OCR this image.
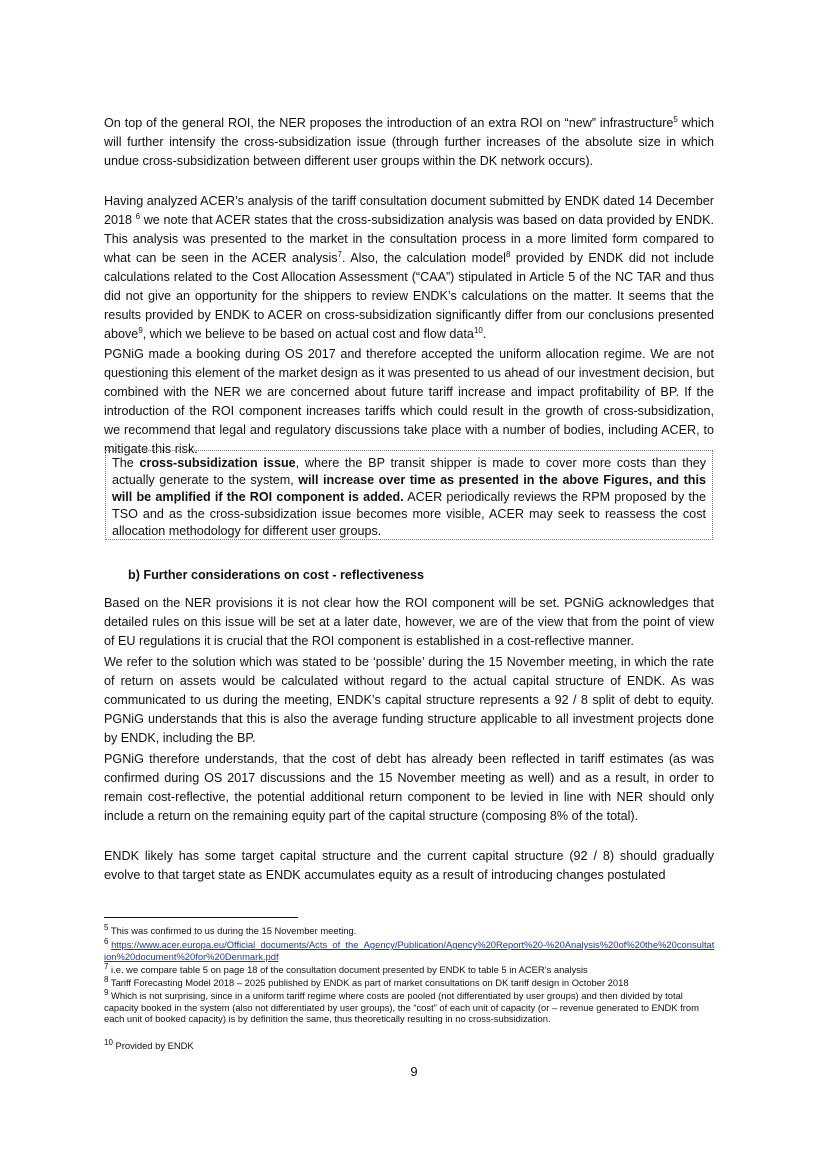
On top of the general ROI, the NER proposes the introduction of an extra ROI on “new” infrastructure$^5$ which will further intensify the cross-subsidization issue (through further increases of the absolute size in which undue cross-subsidization between different user groups within the DK network occurs).

Having analyzed ACER’s analysis of the tariff consultation document submitted by ENDK dated 14 December 2018 $^6$ we note that ACER states that the cross-subsidization analysis was based on data provided by ENDK. This analysis was presented to the market in the consultation process in a more limited form compared to what can be seen in the ACER analysis$^7$. Also, the calculation model$^8$ provided by ENDK did not include calculations related to the Cost Allocation Assessment (“CAA”) stipulated in Article 5 of the NC TAR and thus did not give an opportunity for the shippers to review ENDK’s calculations on the matter. It seems that the results provided by ENDK to ACER on cross-subsidization significantly differ from our conclusions presented above$^9$, which we believe to be based on actual cost and flow data$^{10}$.

PGNiG made a booking during OS 2017 and therefore accepted the uniform allocation regime. We are not questioning this element of the market design as it was presented to us ahead of our investment decision, but combined with the NER we are concerned about future tariff increase and impact profitability of BP. If the introduction of the ROI component increases tariffs which could result in the growth of cross-subsidization, we recommend that legal and regulatory discussions take place with a number of bodies, including ACER, to mitigate this risk.

The cross-subsidization issue, where the BP transit shipper is made to cover more costs than they actually generate to the system, will increase over time as presented in the above Figures, and this will be amplified if the ROI component is added. ACER periodically reviews the RPM proposed by the TSO and as the cross-subsidization issue becomes more visible, ACER may seek to reassess the cost allocation methodology for different user groups.

b) Further considerations on cost - reflectiveness

Based on the NER provisions it is not clear how the ROI component will be set. PGNiG acknowledges that detailed rules on this issue will be set at a later date, however, we are of the view that from the point of view of EU regulations it is crucial that the ROI component is established in a cost-reflective manner.

We refer to the solution which was stated to be ‘possible’ during the 15 November meeting, in which the rate of return on assets would be calculated without regard to the actual capital structure of ENDK. As was communicated to us during the meeting, ENDK’s capital structure represents a 92 / 8 split of debt to equity. PGNiG understands that this is also the average funding structure applicable to all investment projects done by ENDK, including the BP.

PGNiG therefore understands, that the cost of debt has already been reflected in tariff estimates (as was confirmed during OS 2017 discussions and the 15 November meeting as well) and as a result, in order to remain cost-reflective, the potential additional return component to be levied in line with NER should only include a return on the remaining equity part of the capital structure (composing 8% of the total).

ENDK likely has some target capital structure and the current capital structure (92 / 8) should gradually evolve to that target state as ENDK accumulates equity as a result of introducing changes postulated

$^5$ This was confirmed to us during the 15 November meeting.
$^6$ https://www.acer.europa.eu/Official_documents/Acts_of_the_Agency/Publication/Agency%20Report%20-%20Analysis%20of%20the%20consultation%20document%20for%20Denmark.pdf
$^7$ i.e. we compare table 5 on page 18 of the consultation document presented by ENDK to table 5 in ACER’s analysis
$^8$ Tariff Forecasting Model 2018 – 2025 published by ENDK as part of market consultations on DK tariff design in October 2018
$^9$ Which is not surprising, since in a uniform tariff regime where costs are pooled (not differentiated by user groups) and then divided by total capacity booked in the system (also not differentiated by user groups), the “cost” of each unit of capacity (or – revenue generated to ENDK from each unit of booked capacity) is by definition the same, thus theoretically resulting in no cross-subsidization.
$^{10}$ Provided by ENDK
9
